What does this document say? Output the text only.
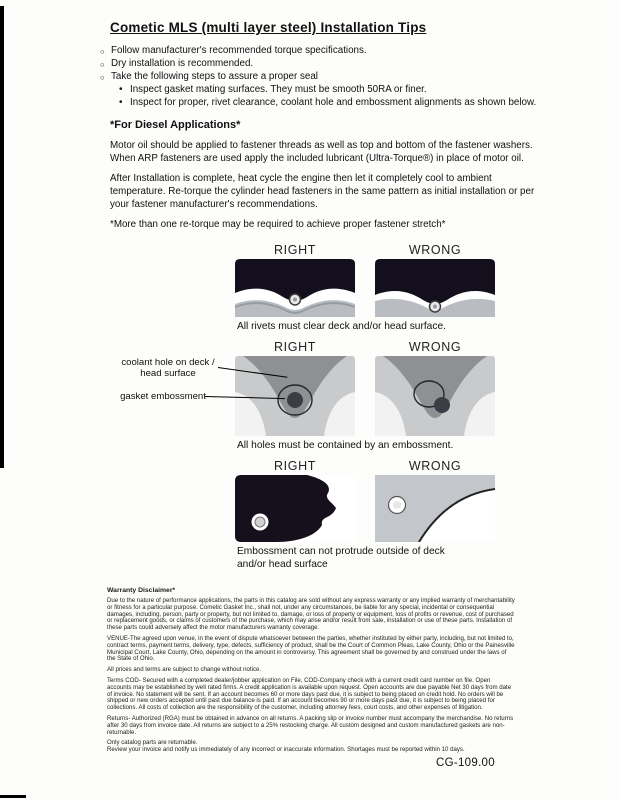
Cometic MLS (multi layer steel) Installation Tips
○ Follow manufacturer's recommended torque specifications.
○ Dry installation is recommended.
○ Take the following steps to assure a proper seal
• Inspect gasket mating surfaces. They must be smooth 50RA or finer.
• Inspect for proper, rivet clearance, coolant hole and embossment alignments as shown below.
*For Diesel Applications*

Motor oil should be applied to fastener threads as well as top and bottom of the fastener washers. When ARP fasteners are used apply the included lubricant (Ultra-Torque®) in place of motor oil.

After Installation is complete, heat cycle the engine then let it completely cool to ambient temperature. Re-torque the cylinder head fasteners in the same pattern as initial installation or per your fastener manufacturer's recommendations.

*More than one re-torque may be required to achieve proper fastener stretch*

RIGHT	WRONG
All rivets must clear deck and/or head surface.
coolant hole on deck / head surface
gasket embossment
RIGHT	WRONG
All holes must be contained by an embossment.
RIGHT	WRONG
Embossment can not protrude outside of deck and/or head surface
Warranty Disclaimer*

Due to the nature of performance applications, the parts in this catalog are sold without any express warranty or any implied warranty of merchantability or fitness for a particular purpose. Cometic Gasket Inc., shall not, under any circumstances, be liable for any special, incidental or consequential damages, including, person, party or property, but not limited to, damage, or loss of property or equipment, loss of profits or revenue, cost of purchased or replacement goods, or claims of customers of the purchase, which may arise and/or result from sale, installation or use of these parts. Installation of these parts could adversely affect the motor manufacturers warranty coverage.

VENUE-The agreed upon venue, in the event of dispute whatsoever between the parties, whether instituted by either party, including, but not limited to, contract terms, payment terms, delivery, type, defects, sufficiency of product, shall be the Court of Common Pleas, Lake County, Ohio or the Painesville Municipal Court, Lake County, Ohio, depending on the amount in controversy. This agreement shall be governed by and construed under the laws of the State of Ohio.

All prices and terms are subject to change without notice.

Terms COD- Secured with a completed dealer/jobber application on File, COD-Company check with a current credit card number on file. Open accounts may be established by well rated firms. A credit application is available upon request. Open accounts are due payable Net 30 days from date of invoice. No statement will be sent. If an account becomes 60 or more days past due, it is subject to being placed on credit hold. No orders will be shipped or new orders accepted until past due balance is paid. If an account becomes 90 or more days past due, it is subject to being placed for collections. All costs of collection are the responsibility of the customer, including attorney fees, court costs, and other expenses of litigation.

Returns- Authorized (RGA) must be obtained in advance on all returns. A packing slip or invoice number must accompany the merchandise. No returns after 30 days from invoice date. All returns are subject to a 25% restocking charge. All custom designed and custom manufactured gaskets are non-returnable.

Only catalog parts are returnable.

Review your invoice and notify us immediately of any incorrect or inaccurate information. Shortages must be reported within 10 days.

CG-109.00
